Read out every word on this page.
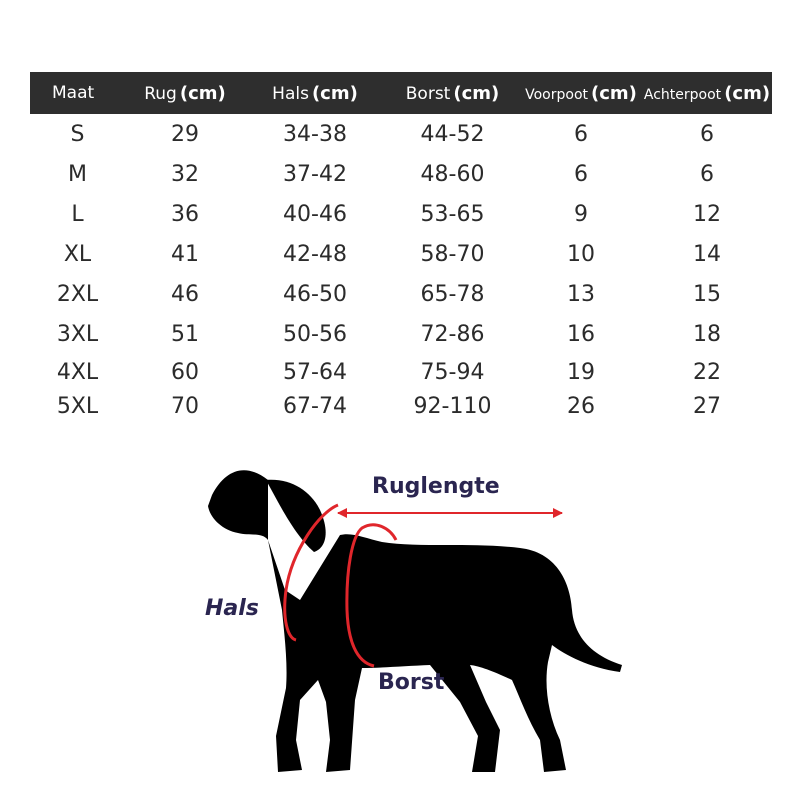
Maat	Rug (cm)	Hals (cm)	Borst (cm)	Voorpoot (cm) Achterpoot (cm)
S	29	34-38	44-52	6	6
M	32	37-42	48-60	6	6
L	36	40-46	53-65	9	12
XL	41	42-48	58-70	10	14
2XL	46	46-50	65-78	13	15
3XL	51	50-56	72-86	16	18
4XL	60	57-64	75-94	19	22
5XL	70	67-74	92-110	26	27
Ruglengte
Hals
Borst
